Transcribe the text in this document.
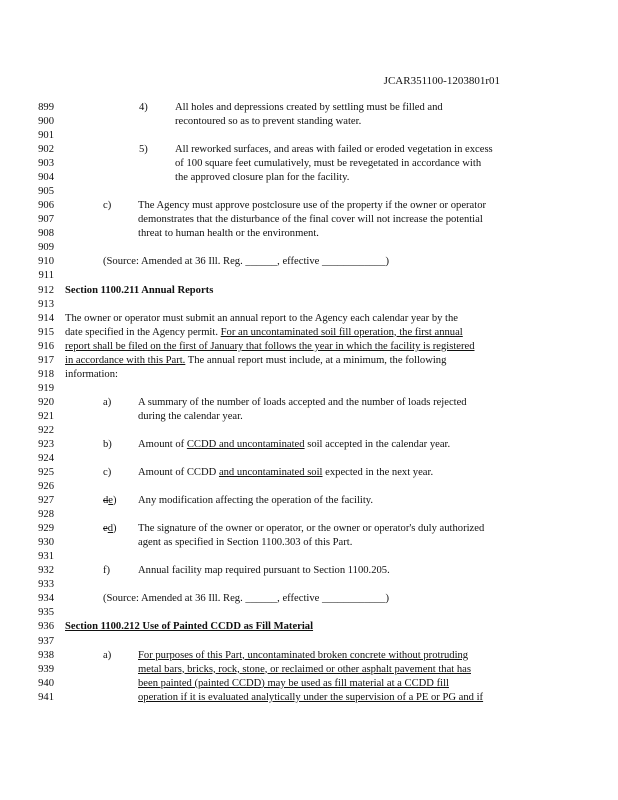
JCAR351100-1203801r01
899	4)	All holes and depressions created by settling must be filled and
900	recontoured so as to prevent standing water.
901
902	5)	All reworked surfaces, and areas with failed or eroded vegetation in excess
903	of 100 square feet cumulatively, must be revegetated in accordance with
904	the approved closure plan for the facility.
905
906	c)	The Agency must approve postclosure use of the property if the owner or operator
907	demonstrates that the disturbance of the final cover will not increase the potential
908	threat to human health or the environment.
909
910	(Source: Amended at 36 Ill. Reg. ______, effective ____________)
911
912 Section 1100.211 Annual Reports
913
914 The owner or operator must submit an annual report to the Agency each calendar year by the
915 date specified in the Agency permit. For an uncontaminated soil fill operation, the first annual
916 report shall be filed on the first of January that follows the year in which the facility is registered
917 in accordance with this Part. The annual report must include, at a minimum, the following
918 information:
919
920	a)	A summary of the number of loads accepted and the number of loads rejected
921	during the calendar year.
922
923	b) Amount of CCDD and uncontaminated soil accepted in the calendar year.
924
925	c)	Amount of CCDD and uncontaminated soil expected in the next year.
926
927	de) Any modification affecting the operation of the facility.
928
929	ed) The signature of the owner or operator, or the owner or operator's duly authorized
930	agent as specified in Section 1100.303 of this Part.
931
932	f)	Annual facility map required pursuant to Section 1100.205.
933
934	(Source: Amended at 36 Ill. Reg. ______, effective ____________)
935
936 Section 1100.212 Use of Painted CCDD as Fill Material
937
938	a)	For purposes of this Part, uncontaminated broken concrete without protruding
939	metal bars, bricks, rock, stone, or reclaimed or other asphalt pavement that has
940	been painted (painted CCDD) may be used as fill material at a CCDD fill
941	operation if it is evaluated analytically under the supervision of a PE or PG and if
